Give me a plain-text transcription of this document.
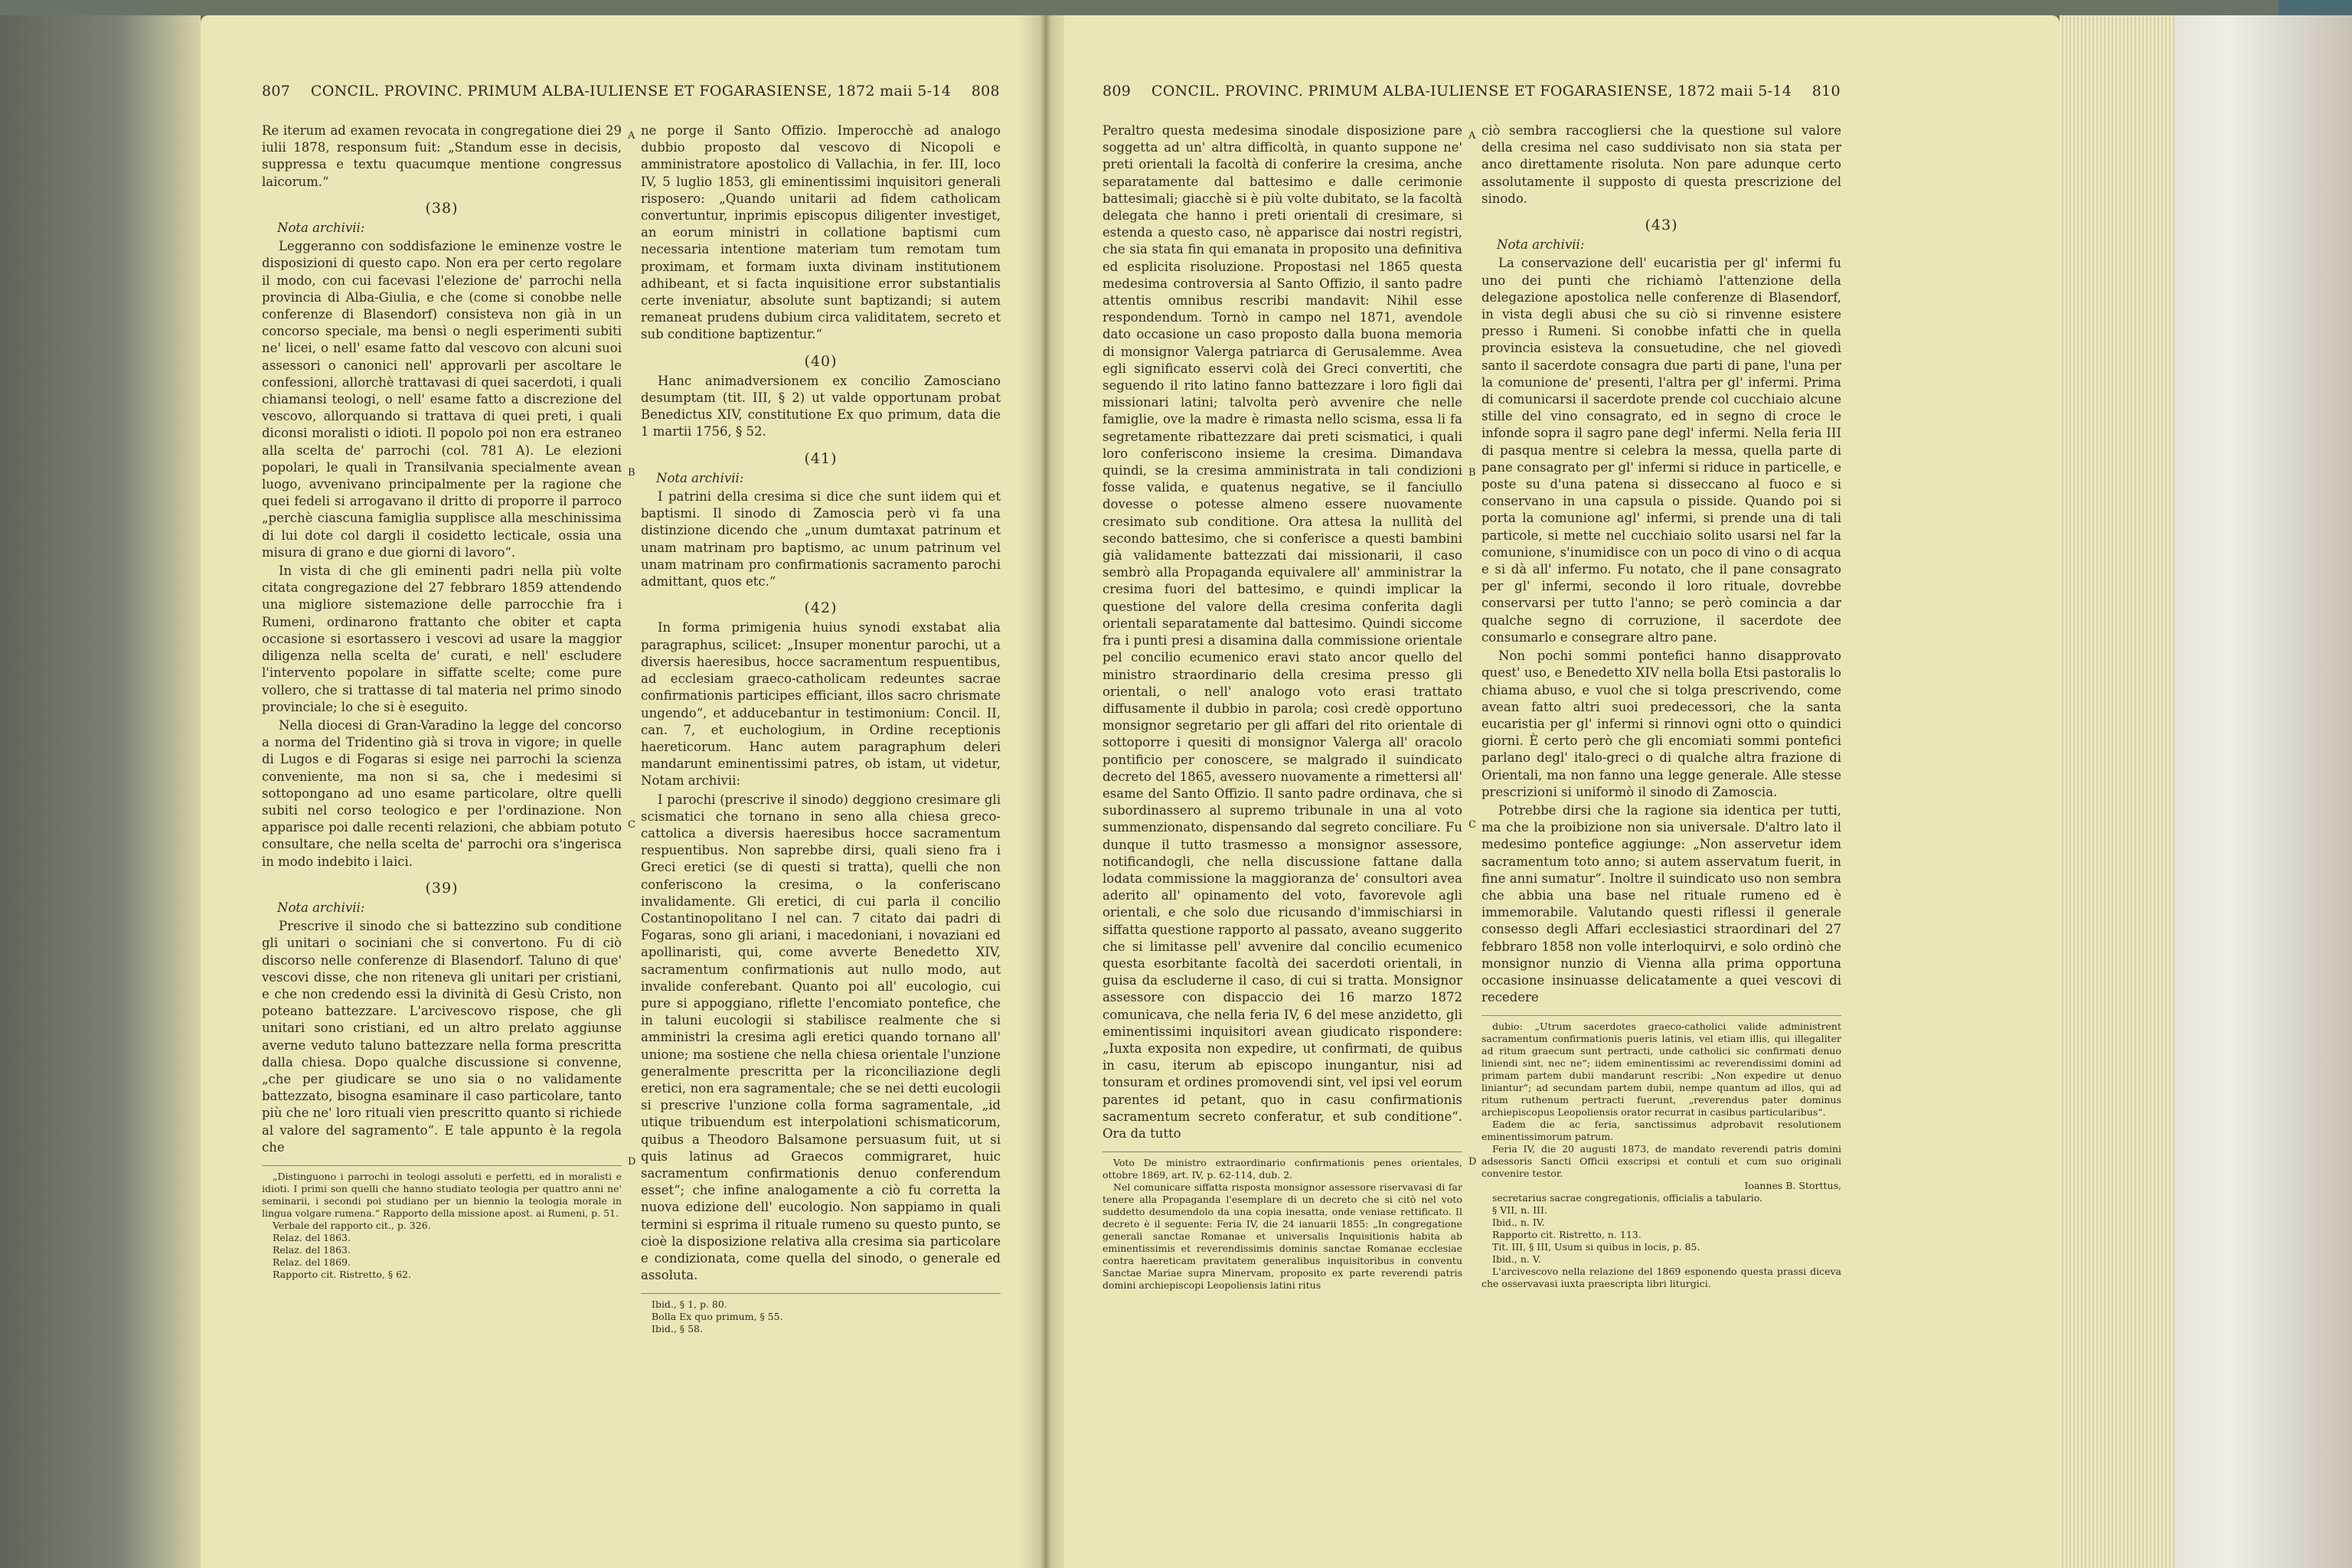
807 CONCIL. PROVINC. PRIMUM ALBA-IULIENSE ET FOGARASIENSE, 1872 maii 5-14 808

Re iterum ad examen revocata in congregatione diei 29 iulii 1878, responsum fuit: „Standum esse in decisis, suppressa e textu quacumque mentione congressus laicorum.“

(38)
Nota archivii:

Leggeranno con soddisfazione le eminenze vostre le disposizioni di questo capo. Non era per certo regolare il modo, con cui facevasi l'elezione de' parrochi nella provincia di Alba-Giulia, e che (come si conobbe nelle conferenze di Blasendorf) consisteva non già in un concorso speciale, ma bensì o negli esperimenti subiti ne' licei, o nell' esame fatto dal vescovo con alcuni suoi assessori o canonici nell' approvarli per ascoltare le confessioni, allorchè trattavasi di quei sacerdoti, i quali chiamansi teologi, o nell' esame fatto a discrezione del vescovo, allorquando si trattava di quei preti, i quali diconsi moralisti o idioti. Il popolo poi non era estraneo alla scelta de' parrochi (col. 781 A). Le elezioni popolari, le quali in Transilvania specialmente avean luogo, avvenivano principalmente per la ragione che quei fedeli si arrogavano il dritto di proporre il parroco „perchè ciascuna famiglia supplisce alla meschinissima di lui dote col dargli il cosidetto lecticale, ossia una misura di grano e due giorni di lavoro“.

In vista di che gli eminenti padri nella più volte citata congregazione del 27 febbraro 1859 attendendo una migliore sistemazione delle parrocchie fra i Rumeni, ordinarono frattanto che obiter et capta occasione si esortassero i vescovi ad usare la maggior diligenza nella scelta de' curati, e nell' escludere l'intervento popolare in siffatte scelte; come pure vollero, che si trattasse di tal materia nel primo sinodo provinciale; lo che si è eseguito.

Nella diocesi di Gran-Varadino la legge del concorso a norma del Tridentino già si trova in vigore; in quelle di Lugos e di Fogaras si esige nei parrochi la scienza conveniente, ma non si sa, che i medesimi si sottopongano ad uno esame particolare, oltre quelli subiti nel corso teologico e per l'ordinazione. Non apparisce poi dalle recenti relazioni, che abbiam potuto consultare, che nella scelta de' parrochi ora s'ingerisca in modo indebito i laici.

(39)
Nota archivii:

Prescrive il sinodo che si battezzino sub conditione gli unitari o sociniani che si convertono. Fu di ciò discorso nelle conferenze di Blasendorf. Taluno di que' vescovi disse, che non riteneva gli unitari per cristiani, e che non credendo essi la divinità di Gesù Cristo, non poteano battezzare. L'arcivescovo rispose, che gli unitari sono cristiani, ed un altro prelato aggiunse averne veduto taluno battezzare nella forma prescritta dalla chiesa. Dopo qualche discussione si convenne, „che per giudicare se uno sia o no validamente battezzato, bisogna esaminare il caso particolare, tanto più che ne' loro rituali vien prescritto quanto si richiede al valore del sagramento“. E tale appunto è la regola che

„Distinguono i parrochi in teologi assoluti e perfetti, ed in moralisti e idioti. I primi son quelli che hanno studiato teologia per quattro anni ne' seminarii, i secondi poi studiano per un biennio la teologia morale in lingua volgare rumena.“ Rapporto della missione apost. ai Rumeni, p. 51.
Verbale del rapporto cit., p. 326.
Relaz. del 1863.
Relaz. del 1863.
Relaz. del 1869.
Rapporto cit. Ristretto, § 62.
A
B
C
D

ne porge il Santo Offizio. Imperocchè ad analogo dubbio proposto dal vescovo di Nicopoli e amministratore apostolico di Vallachia, in fer. III, loco IV, 5 luglio 1853, gli eminentissimi inquisitori generali risposero: „Quando unitarii ad fidem catholicam convertuntur, inprimis episcopus diligenter investiget, an eorum ministri in collatione baptismi cum necessaria intentione materiam tum remotam tum proximam, et formam iuxta divinam institutionem adhibeant, et si facta inquisitione error substantialis certe inveniatur, absolute sunt baptizandi; si autem remaneat prudens dubium circa validitatem, secreto et sub conditione baptizentur.“

(40)

Hanc animadversionem ex concilio Zamosciano desumptam (tit. III, § 2) ut valde opportunam probat Benedictus XIV, constitutione Ex quo primum, data die 1 martii 1756, § 52.

(41)
Nota archivii:

I patrini della cresima si dice che sunt iidem qui et baptismi. Il sinodo di Zamoscia però vi fa una distinzione dicendo che „unum dumtaxat patrinum et unam matrinam pro baptismo, ac unum patrinum vel unam matrinam pro confirmationis sacramento parochi admittant, quos etc.“

(42)

In forma primigenia huius synodi exstabat alia paragraphus, scilicet: „Insuper monentur parochi, ut a diversis haeresibus, hocce sacramentum respuentibus, ad ecclesiam graeco-catholicam redeuntes sacrae confirmationis participes efficiant, illos sacro chrismate ungendo“, et adducebantur in testimonium: Concil. II, can. 7, et euchologium, in Ordine receptionis haereticorum. Hanc autem paragraphum deleri mandarunt eminentissimi patres, ob istam, ut videtur, Notam archivii:

I parochi (prescrive il sinodo) deggiono cresimare gli scismatici che tornano in seno alla chiesa greco-cattolica a diversis haeresibus hocce sacramentum respuentibus. Non saprebbe dirsi, quali sieno fra i Greci eretici (se di questi si tratta), quelli che non conferiscono la cresima, o la conferiscano invalidamente. Gli eretici, di cui parla il concilio Costantinopolitano I nel can. 7 citato dai padri di Fogaras, sono gli ariani, i macedoniani, i novaziani ed apollinaristi, qui, come avverte Benedetto XIV, sacramentum confirmationis aut nullo modo, aut invalide conferebant. Quanto poi all' eucologio, cui pure si appoggiano, riflette l'encomiato pontefice, che in taluni eucologii si stabilisce realmente che si amministri la cresima agli eretici quando tornano all' unione; ma sostiene che nella chiesa orientale l'unzione generalmente prescritta per la riconciliazione degli eretici, non era sagramentale; che se nei detti eucologii si prescrive l'unzione colla forma sagramentale, „id utique tribuendum est interpolationi schismaticorum, quibus a Theodoro Balsamone persuasum fuit, ut si quis latinus ad Graecos commigraret, huic sacramentum confirmationis denuo conferendum esset“; che infine analogamente a ciò fu corretta la nuova edizione dell' eucologio. Non sappiamo in quali termini si esprima il rituale rumeno su questo punto, se cioè la disposizione relativa alla cresima sia particolare e condizionata, come quella del sinodo, o generale ed assoluta.

Ibid., § 1, p. 80.
Bolla Ex quo primum, § 55.
Ibid., § 58.
809 CONCIL. PROVINC. PRIMUM ALBA-IULIENSE ET FOGARASIENSE, 1872 maii 5-14 810

Peraltro questa medesima sinodale disposizione pare soggetta ad un' altra difficoltà, in quanto suppone ne' preti orientali la facoltà di conferire la cresima, anche separatamente dal battesimo e dalle cerimonie battesimali; giacchè si è più volte dubitato, se la facoltà delegata che hanno i preti orientali di cresimare, si estenda a questo caso, nè apparisce dai nostri registri, che sia stata fin qui emanata in proposito una definitiva ed esplicita risoluzione. Propostasi nel 1865 questa medesima controversia al Santo Offizio, il santo padre attentis omnibus rescribi mandavit: Nihil esse respondendum. Tornò in campo nel 1871, avendole dato occasione un caso proposto dalla buona memoria di monsignor Valerga patriarca di Gerusalemme. Avea egli significato esservi colà dei Greci convertiti, che seguendo il rito latino fanno battezzare i loro figli dai missionari latini; talvolta però avvenire che nelle famiglie, ove la madre è rimasta nello scisma, essa li fa segretamente ribattezzare dai preti scismatici, i quali loro conferiscono insieme la cresima. Dimandava quindi, se la cresima amministrata in tali condizioni fosse valida, e quatenus negative, se il fanciullo dovesse o potesse almeno essere nuovamente cresimato sub conditione. Ora attesa la nullità del secondo battesimo, che si conferisce a questi bambini già validamente battezzati dai missionarii, il caso sembrò alla Propaganda equivalere all' amministrar la cresima fuori del battesimo, e quindi implicar la questione del valore della cresima conferita dagli orientali separatamente dal battesimo. Quindi siccome fra i punti presi a disamina dalla commissione orientale pel concilio ecumenico eravi stato ancor quello del ministro straordinario della cresima presso gli orientali, o nell' analogo voto erasi trattato diffusamente il dubbio in parola; così credè opportuno monsignor segretario per gli affari del rito orientale di sottoporre i quesiti di monsignor Valerga all' oracolo pontificio per conoscere, se malgrado il suindicato decreto del 1865, avessero nuovamente a rimettersi all' esame del Santo Offizio. Il santo padre ordinava, che si subordinassero al supremo tribunale in una al voto summenzionato, dispensando dal segreto conciliare. Fu dunque il tutto trasmesso a monsignor assessore, notificandogli, che nella discussione fattane dalla lodata commissione la maggioranza de' consultori avea aderito all' opinamento del voto, favorevole agli orientali, e che solo due ricusando d'immischiarsi in siffatta questione rapporto al passato, aveano suggerito che si limitasse pell' avvenire dal concilio ecumenico questa esorbitante facoltà dei sacerdoti orientali, in guisa da escluderne il caso, di cui si tratta. Monsignor assessore con dispaccio dei 16 marzo 1872 comunicava, che nella feria IV, 6 del mese anzidetto, gli eminentissimi inquisitori avean giudicato rispondere: „Iuxta exposita non expedire, ut confirmati, de quibus in casu, iterum ab episcopo inungantur, nisi ad tonsuram et ordines promovendi sint, vel ipsi vel eorum parentes id petant, quo in casu confirmationis sacramentum secreto conferatur, et sub conditione“. Ora da tutto

Voto De ministro extraordinario confirmationis penes orientales, ottobre 1869, art. IV, p. 62-114, dub. 2.
Nel comunicare siffatta risposta monsignor assessore riservavasi di far tenere alla Propaganda l'esemplare di un decreto che si citò nel voto suddetto desumendolo da una copia inesatta, onde veniase rettificato. Il decreto è il seguente: Feria IV, die 24 ianuarii 1855: „In congregatione generali sanctae Romanae et universalis Inquisitionis habita ab eminentissimis et reverendissimis dominis sanctae Romanae ecclesiae contra haereticam pravitatem generalibus inquisitoribus in conventu Sanctae Mariae supra Minervam, proposito ex parte reverendi patris domini archiepiscopi Leopoliensis latini ritus
A
B
C
D

ciò sembra raccogliersi che la questione sul valore della cresima nel caso suddivisato non sia stata per anco direttamente risoluta. Non pare adunque certo assolutamente il supposto di questa prescrizione del sinodo.

(43)
Nota archivii:

La conservazione dell' eucaristia per gl' infermi fu uno dei punti che richiamò l'attenzione della delegazione apostolica nelle conferenze di Blasendorf, in vista degli abusi che su ciò si rinvenne esistere presso i Rumeni. Si conobbe infatti che in quella provincia esisteva la consuetudine, che nel giovedì santo il sacerdote consagra due parti di pane, l'una per la comunione de' presenti, l'altra per gl' infermi. Prima di comunicarsi il sacerdote prende col cucchiaio alcune stille del vino consagrato, ed in segno di croce le infonde sopra il sagro pane degl' infermi. Nella feria III di pasqua mentre si celebra la messa, quella parte di pane consagrato per gl' infermi si riduce in particelle, e poste su d'una patena si disseccano al fuoco e si conservano in una capsula o pisside. Quando poi si porta la comunione agl' infermi, si prende una di tali particole, si mette nel cucchiaio solito usarsi nel far la comunione, s'inumidisce con un poco di vino o di acqua e si dà all' infermo. Fu notato, che il pane consagrato per gl' infermi, secondo il loro rituale, dovrebbe conservarsi per tutto l'anno; se però comincia a dar qualche segno di corruzione, il sacerdote dee consumarlo e consegrare altro pane.

Non pochi sommi pontefici hanno disapprovato quest' uso, e Benedetto XIV nella bolla Etsi pastoralis lo chiama abuso, e vuol che si tolga prescrivendo, come avean fatto altri suoi predecessori, che la santa eucaristia per gl' infermi si rinnovi ogni otto o quindici giorni. È certo però che gli encomiati sommi pontefici parlano degl' italo-greci o di qualche altra frazione di Orientali, ma non fanno una legge generale. Alle stesse prescrizioni si uniformò il sinodo di Zamoscia.

Potrebbe dirsi che la ragione sia identica per tutti, ma che la proibizione non sia universale. D'altro lato il medesimo pontefice aggiunge: „Non asservetur idem sacramentum toto anno; si autem asservatum fuerit, in fine anni sumatur“. Inoltre il suindicato uso non sembra che abbia una base nel rituale rumeno ed è immemorabile. Valutando questi riflessi il generale consesso degli Affari ecclesiastici straordinari del 27 febbraro 1858 non volle interloquirvi, e solo ordinò che monsignor nunzio di Vienna alla prima opportuna occasione insinuasse delicatamente a quei vescovi di recedere

dubio: „Utrum sacerdotes graeco-catholici valide administrent sacramentum confirmationis pueris latinis, vel etiam illis, qui illegaliter ad ritum graecum sunt pertracti, unde catholici sic confirmati denuo liniendi sint, nec ne“; iidem eminentissimi ac reverendissimi domini ad primam partem dubii mandarunt rescribi: „Non expedire ut denuo liniantur“; ad secundam partem dubii, nempe quantum ad illos, qui ad ritum ruthenum pertracti fuerunt, „reverendus pater dominus archiepiscopus Leopoliensis orator recurrat in casibus particularibus“.
Eadem die ac feria, sanctissimus adprobavit resolutionem eminentissimorum patrum.
Feria IV, die 20 augusti 1873, de mandato reverendi patris domini adsessoris Sancti Officii exscripsi et contuli et cum suo originali convenire testor.
Ioannes B. Storttus,
secretarius sacrae congregationis, officialis a tabulario.
§ VII, n. III.
Ibid., n. IV.
Rapporto cit. Ristretto, n. 113.
Tit. III, § III, Usum si quibus in locis, p. 85.
Ibid., n. V.
L'arcivescovo nella relazione del 1869 esponendo questa prassi diceva che osservavasi iuxta praescripta libri liturgici.
